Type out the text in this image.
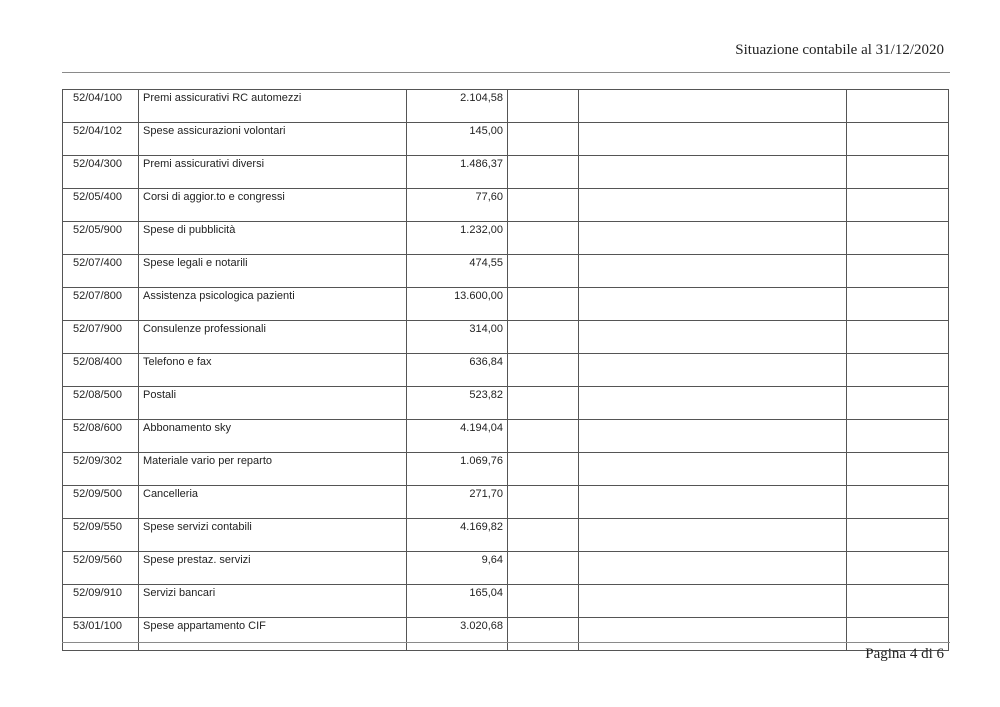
Situazione contabile al 31/12/2020
52/04/100	Premi assicurativi RC automezzi	2.104,58			
52/04/102	Spese assicurazioni volontari	145,00			
52/04/300	Premi assicurativi diversi	1.486,37			
52/05/400	Corsi di aggior.to e congressi	77,60			
52/05/900	Spese di pubblicità	1.232,00			
52/07/400	Spese legali e notarili	474,55			
52/07/800	Assistenza psicologica pazienti	13.600,00			
52/07/900	Consulenze professionali	314,00			
52/08/400	Telefono e fax	636,84			
52/08/500	Postali	523,82			
52/08/600	Abbonamento sky	4.194,04			
52/09/302	Materiale vario per reparto	1.069,76			
52/09/500	Cancelleria	271,70			
52/09/550	Spese servizi contabili	4.169,82			
52/09/560	Spese prestaz. servizi	9,64			
52/09/910	Servizi bancari	165,04			
53/01/100	Spese appartamento CIF	3.020,68			
Pagina 4 di 6
